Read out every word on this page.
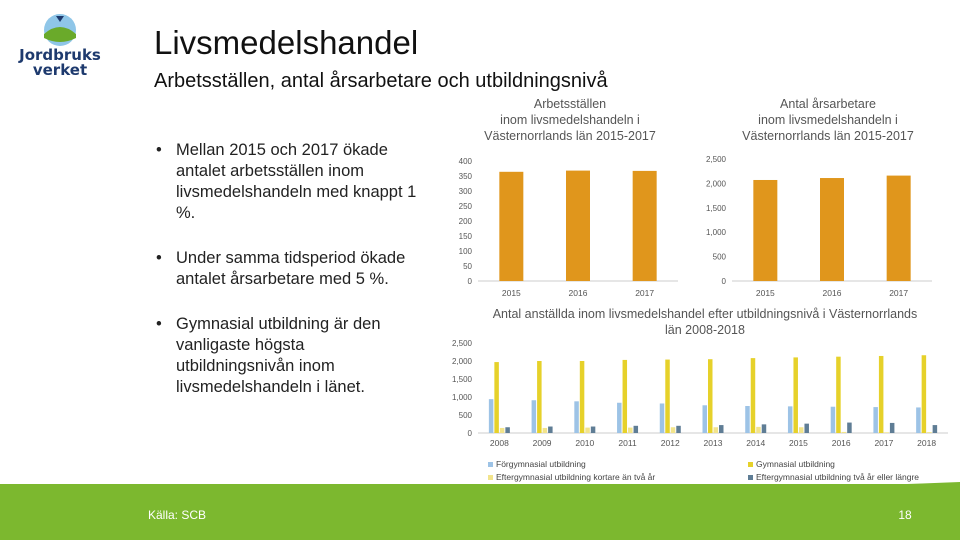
Jordbruks
verket
Livsmedelshandel
Arbetsställen, antal årsarbetare och utbildningsnivå
• Mellan 2015 och 2017 ökade antalet arbetsställen inom livsmedelshandeln med knappt 1 %.
• Under samma tidsperiod ökade antalet årsarbetare med 5 %.
• Gymnasial utbildning är den vanligaste högsta utbildningsnivån inom livsmedelshandeln i länet.
Arbetsställen
inom livsmedelshandeln i
Västernorrlands län 2015-2017
0
50
100
150
200
250
300
350
400
2015	2016	2017
Antal årsarbetare
inom livsmedelshandeln i
Västernorrlands län 2015-2017
0
500
1,000
1,500
2,000
2,500
2015	2016	2017
Antal anställda inom livsmedelshandel efter utbildningsnivå i Västernorrlands
län 2008-2018
0
500
1,000
1,500
2,000
2,500
2008	2009	2010	2011	2012	2013	2014	2015	2016	2017	2018
Förgymnasial utbildning	Gymnasial utbildning
Eftergymnasial utbildning kortare än två år	Eftergymnasial utbildning två år eller längre
Källa: SCB	18
